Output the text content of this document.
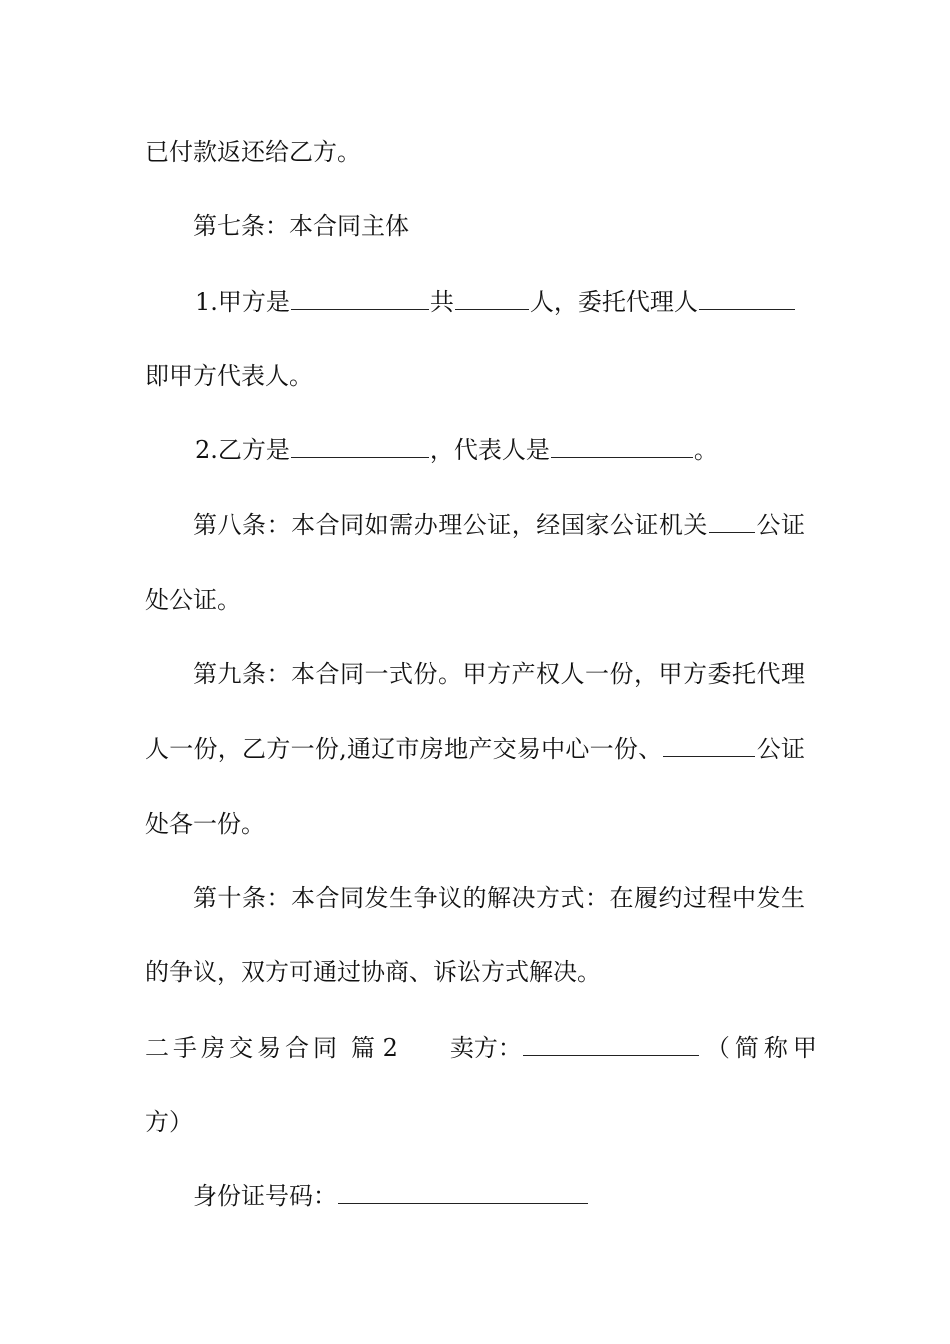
已付款返还给乙方。
第七条：本合同主体
1.甲方是	共	人，委托代理人
即甲方代表人。
2.乙方是	，代表人是	。
第八条：本合同如需办理公证，经国家公证机关 公证
处公证。
第九条：本合同一式份。甲方产权人一份，甲方委托代理
人一份，乙方一份,通辽市房地产交易中心一份、	公证
处各一份。
第十条：本合同发生争议的解决方式：在履约过程中发生
的争议，双方可通过协商、诉讼方式解决。
二手房交易合同 篇 2 卖方：	（简称甲
方）
身份证号码：
